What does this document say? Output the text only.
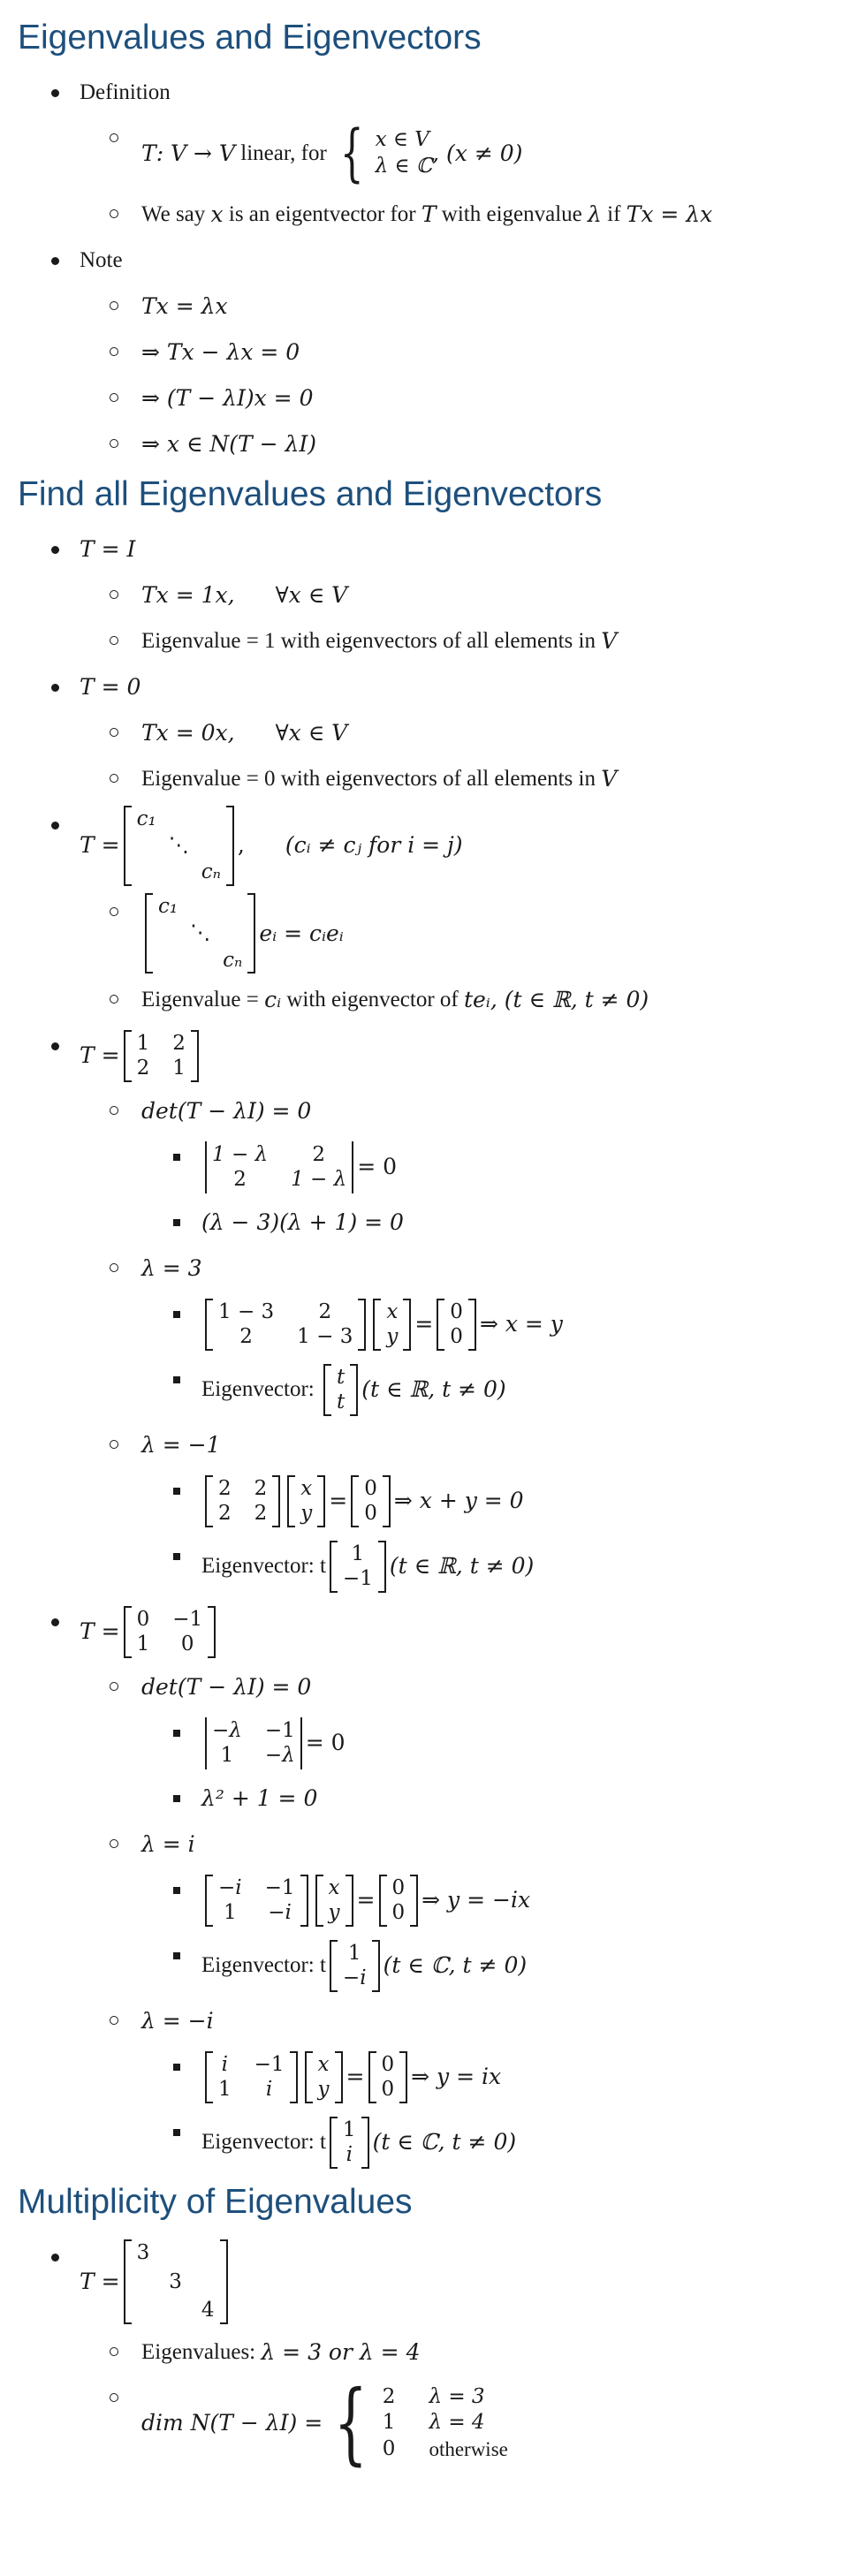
Eigenvalues and Eigenvectors
Definition
T : V → V linear, for { x ∈ V
λ ∈ ℂ , (x ≠ 0)
We say x is an eigentvector for T with eigenvalue λ if Tx = λx
Note
Tx = λx
⇒ Tx − λx = 0
⇒ (T − λI)x = 0
⇒ x ∈ N(T − λI)
Find all Eigenvalues and Eigenvectors
T = I
Tx = 1x, ∀x ∈ V
Eigenvalue = 1 with eigenvectors of all elements in V
T = 0
Tx = 0x, ∀x ∈ V
Eigenvalue = 0 with eigenvectors of all elements in V
T =
c₁
⋱
cₙ
, (cᵢ ≠ cⱼ for i = j)
c₁
⋱
cₙ
eᵢ = cᵢeᵢ
Eigenvalue = cᵢ with eigenvector of teᵢ , (t ∈ ℝ, t ≠ 0)
T = 1 2
2 1
det(T − λI) = 0
1 − λ 2
2 1 − λ = 0
(λ − 3)(λ + 1) = 0
λ = 3
1 − 3 2
2 1 − 3
x
y = 0
0 ⇒ x = y
Eigenvector:
t
t (t ∈ ℝ, t ≠ 0)
λ = −1
2 2
2 2
x
y = 0
0 ⇒ x + y = 0
Eigenvector: t
1
−1 (t ∈ ℝ, t ≠ 0)
T = 0 −1
1 0
det(T − λI) = 0
−λ −1
1 −λ = 0
λ² + 1 = 0
λ = i
−i −1
1 −i
x
y = 0
0 ⇒ y = −ix
Eigenvector: t
1
−i (t ∈ ℂ, t ≠ 0)
λ = −i
i −1
1 i
x
y = 0
0 ⇒ y = ix
Eigenvector: t
1
i (t ∈ ℂ, t ≠ 0)
Multiplicity of Eigenvalues
T =
3
3
4
Eigenvalues: λ = 3 or λ = 4
dim N(T − λI) = { 2 λ = 3
1 λ = 4
0 otherwise
